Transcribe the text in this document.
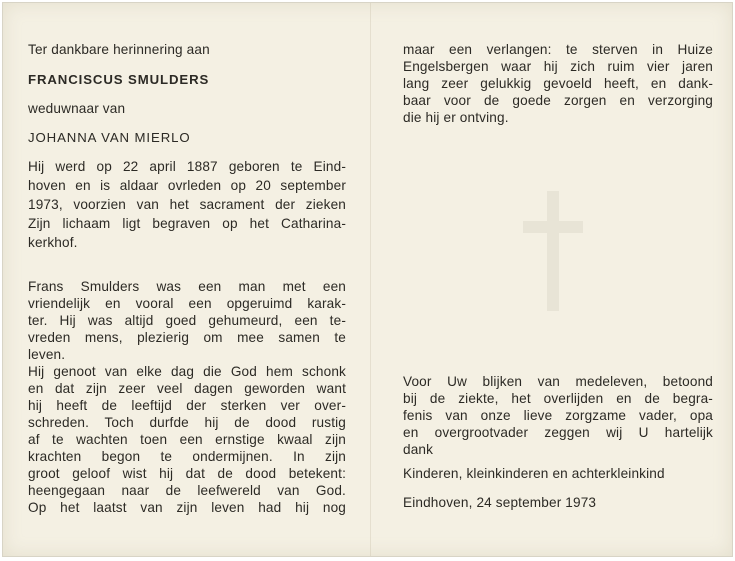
Ter dankbare herinnering aan
FRANCISCUS SMULDERS
weduwnaar van
JOHANNA VAN MIERLO
Hij werd op 22 april 1887 geboren te Eind-
hoven en is aldaar ovrleden op 20 september
1973, voorzien van het sacrament der zieken
Zijn lichaam ligt begraven op het Catharina-
kerkhof.
Frans Smulders was een man met een
vriendelijk en vooral een opgeruimd karak-
ter. Hij was altijd goed gehumeurd, een te-
vreden mens, plezierig om mee samen te
leven.
Hij genoot van elke dag die God hem schonk
en dat zijn zeer veel dagen geworden want
hij heeft de leeftijd der sterken ver over-
schreden. Toch durfde hij de dood rustig
af te wachten toen een ernstige kwaal zijn
krachten begon te ondermijnen. In zijn
groot geloof wist hij dat de dood betekent:
heengegaan naar de leefwereld van God.
Op het laatst van zijn leven had hij nog
maar een verlangen: te sterven in Huize
Engelsbergen waar hij zich ruim vier jaren
lang zeer gelukkig gevoeld heeft, en dank-
baar voor de goede zorgen en verzorging
die hij er ontving.
Voor Uw blijken van medeleven, betoond
bij de ziekte, het overlijden en de begra-
fenis van onze lieve zorgzame vader, opa
en overgrootvader zeggen wij U hartelijk
dank
Kinderen, kleinkinderen en achterkleinkind
Eindhoven, 24 september 1973
